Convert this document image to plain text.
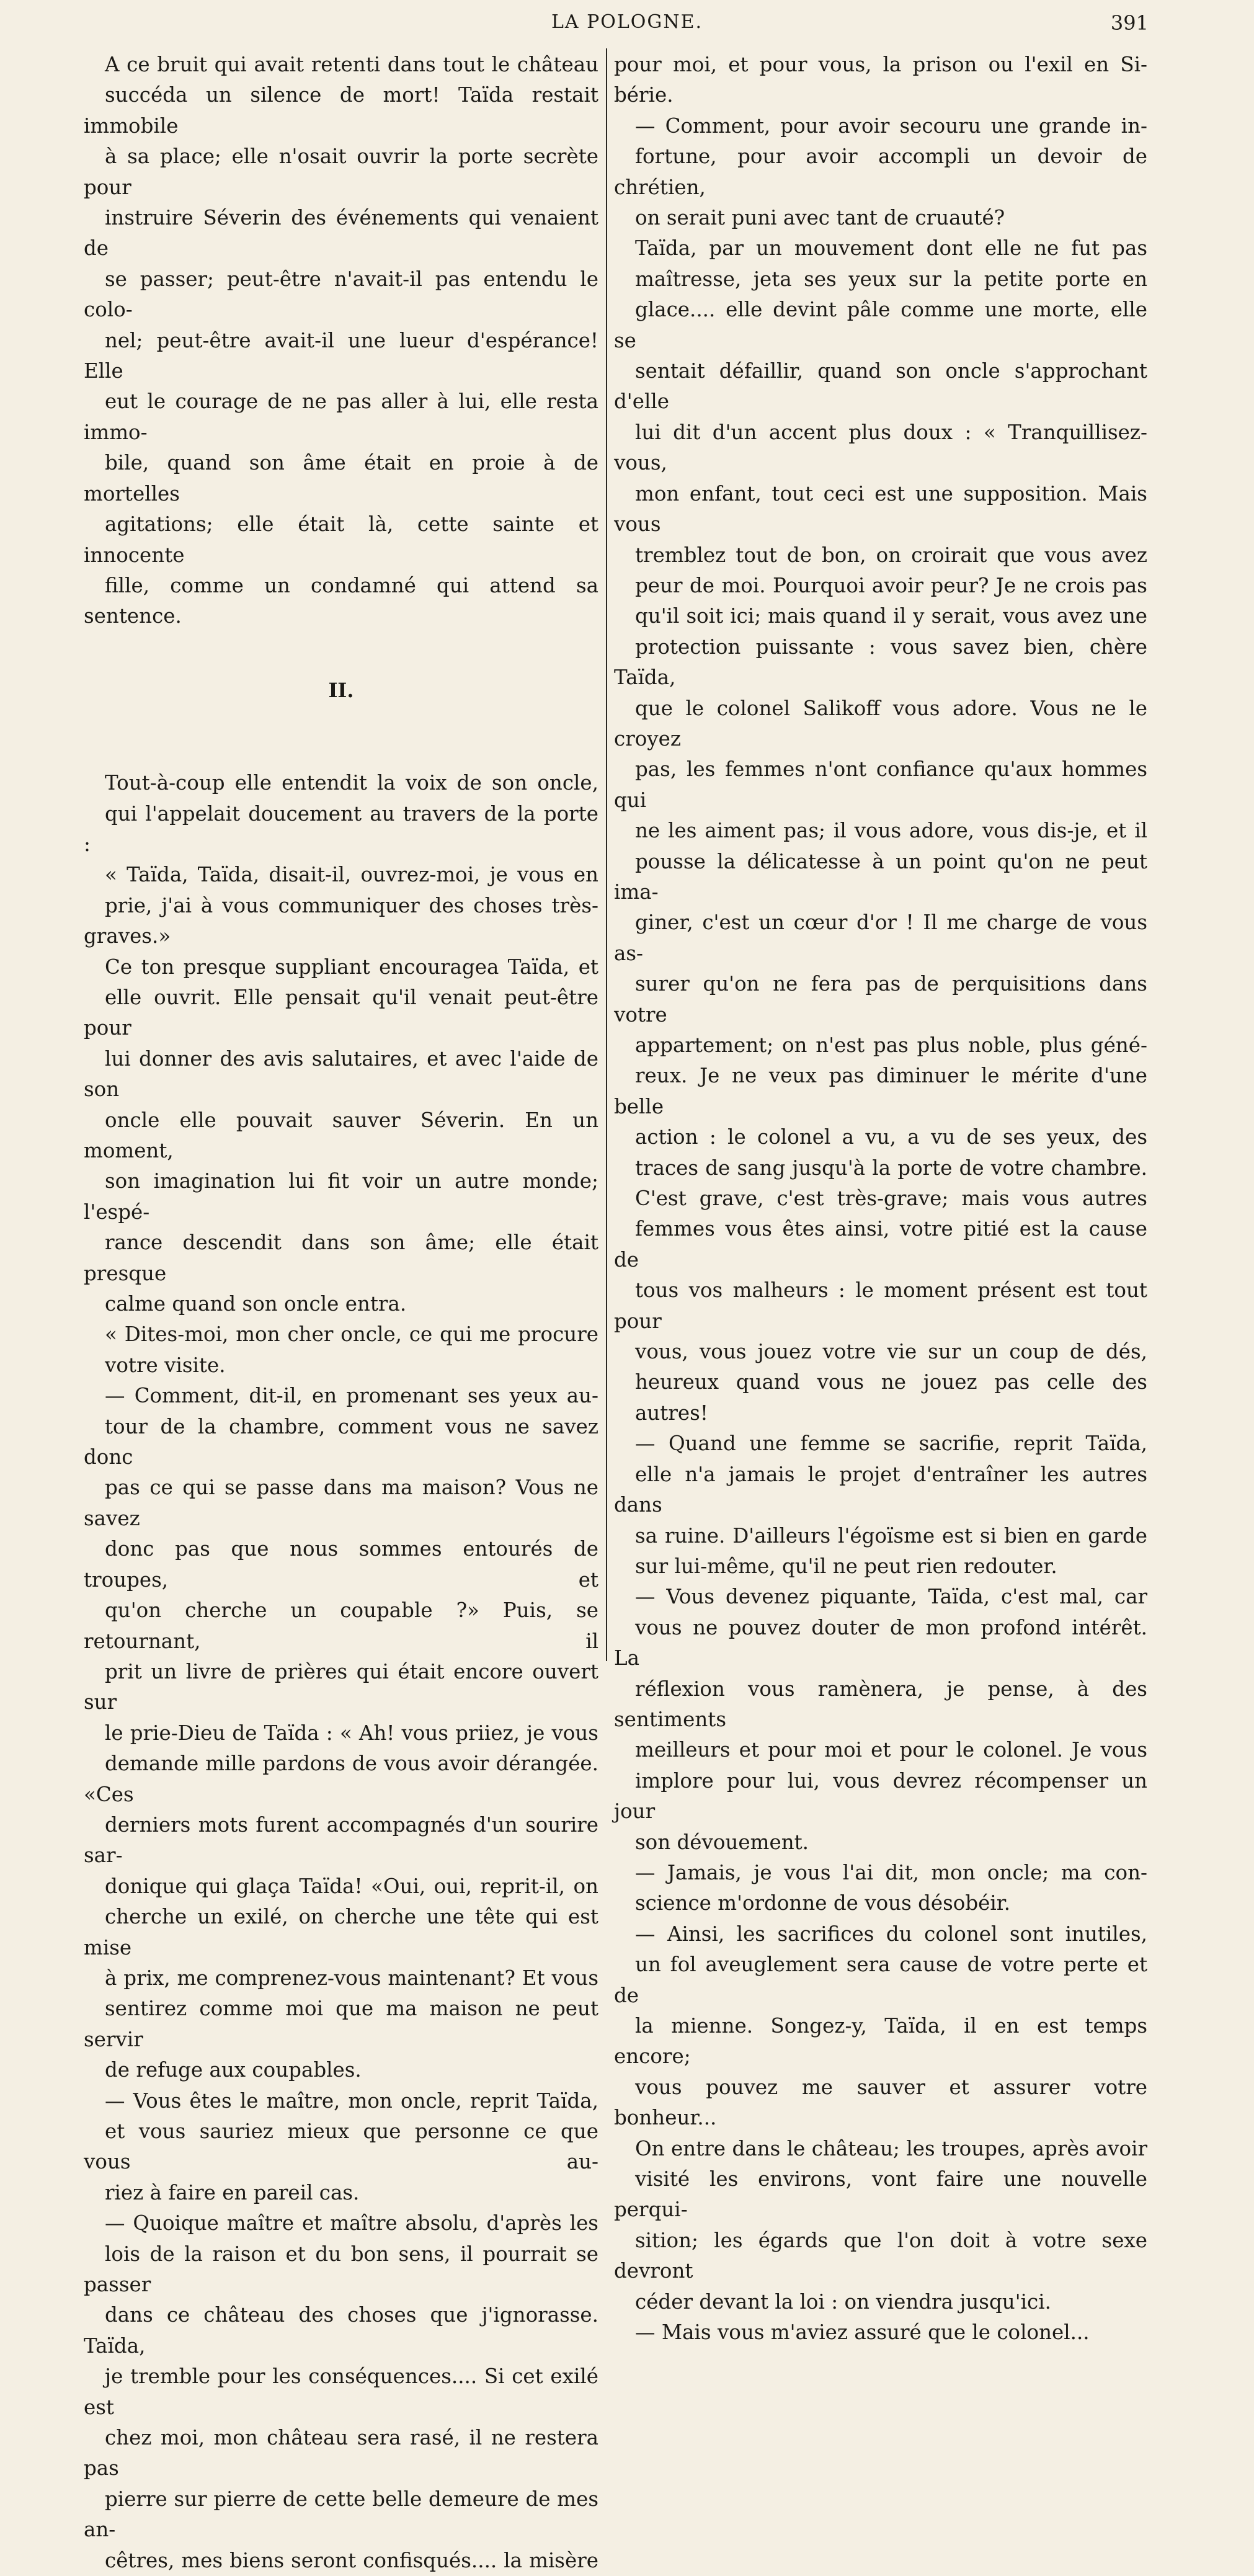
LA POLOGNE.	391

A ce bruit qui avait retenti dans tout le château
succéda un silence de mort! Taïda restait immobile
à sa place; elle n'osait ouvrir la porte secrète pour
instruire Séverin des événements qui venaient de
se passer; peut-être n'avait-il pas entendu le colo-
nel; peut-être avait-il une lueur d'espérance! Elle
eut le courage de ne pas aller à lui, elle resta immo-
bile, quand son âme était en proie à de mortelles
agitations; elle était là, cette sainte et innocente
fille, comme un condamné qui attend sa sentence.

II.

Tout-à-coup elle entendit la voix de son oncle,
qui l'appelait doucement au travers de la porte :

« Taïda, Taïda, disait-il, ouvrez-moi, je vous en
prie, j'ai à vous communiquer des choses très-graves.»
Ce ton presque suppliant encouragea Taïda, et
elle ouvrit. Elle pensait qu'il venait peut-être pour
lui donner des avis salutaires, et avec l'aide de son
oncle elle pouvait sauver Séverin. En un moment,
son imagination lui fit voir un autre monde; l'espé-
rance descendit dans son âme; elle était presque
calme quand son oncle entra.

« Dites-moi, mon cher oncle, ce qui me procure
votre visite.

— Comment, dit-il, en promenant ses yeux au-
tour de la chambre, comment vous ne savez donc
pas ce qui se passe dans ma maison? Vous ne savez
donc pas que nous sommes entourés de troupes, et
qu'on cherche un coupable ?» Puis, se retournant, il
prit un livre de prières qui était encore ouvert sur
le prie-Dieu de Taïda : « Ah! vous priiez, je vous
demande mille pardons de vous avoir dérangée. «Ces
derniers mots furent accompagnés d'un sourire sar-
donique qui glaça Taïda! «Oui, oui, reprit-il, on
cherche un exilé, on cherche une tête qui est mise
à prix, me comprenez-vous maintenant? Et vous
sentirez comme moi que ma maison ne peut servir
de refuge aux coupables.

— Vous êtes le maître, mon oncle, reprit Taïda,
et vous sauriez mieux que personne ce que vous au-
riez à faire en pareil cas.

— Quoique maître et maître absolu, d'après les
lois de la raison et du bon sens, il pourrait se passer
dans ce château des choses que j'ignorasse. Taïda,
je tremble pour les conséquences.... Si cet exilé est
chez moi, mon château sera rasé, il ne restera pas
pierre sur pierre de cette belle demeure de mes an-
cêtres, mes biens seront confisqués.... la misère

pour moi, et pour vous, la prison ou l'exil en Si-
bérie.

— Comment, pour avoir secouru une grande in-
fortune, pour avoir accompli un devoir de chrétien,
on serait puni avec tant de cruauté?

Taïda, par un mouvement dont elle ne fut pas
maîtresse, jeta ses yeux sur la petite porte en
glace.... elle devint pâle comme une morte, elle se
sentait défaillir, quand son oncle s'approchant d'elle
lui dit d'un accent plus doux : « Tranquillisez-vous,
mon enfant, tout ceci est une supposition. Mais vous
tremblez tout de bon, on croirait que vous avez
peur de moi. Pourquoi avoir peur? Je ne crois pas
qu'il soit ici; mais quand il y serait, vous avez une
protection puissante : vous savez bien, chère Taïda,
que le colonel Salikoff vous adore. Vous ne le croyez
pas, les femmes n'ont confiance qu'aux hommes qui
ne les aiment pas; il vous adore, vous dis-je, et il
pousse la délicatesse à un point qu'on ne peut ima-
giner, c'est un cœur d'or ! Il me charge de vous as-
surer qu'on ne fera pas de perquisitions dans votre
appartement; on n'est pas plus noble, plus géné-
reux. Je ne veux pas diminuer le mérite d'une belle
action : le colonel a vu, a vu de ses yeux, des
traces de sang jusqu'à la porte de votre chambre.
C'est grave, c'est très-grave; mais vous autres
femmes vous êtes ainsi, votre pitié est la cause de
tous vos malheurs : le moment présent est tout pour
vous, vous jouez votre vie sur un coup de dés,
heureux quand vous ne jouez pas celle des
autres!

— Quand une femme se sacrifie, reprit Taïda,
elle n'a jamais le projet d'entraîner les autres dans
sa ruine. D'ailleurs l'égoïsme est si bien en garde
sur lui-même, qu'il ne peut rien redouter.

— Vous devenez piquante, Taïda, c'est mal, car
vous ne pouvez douter de mon profond intérêt. La
réflexion vous ramènera, je pense, à des sentiments
meilleurs et pour moi et pour le colonel. Je vous
implore pour lui, vous devrez récompenser un jour
son dévouement.

— Jamais, je vous l'ai dit, mon oncle; ma con-
science m'ordonne de vous désobéir.

— Ainsi, les sacrifices du colonel sont inutiles,
un fol aveuglement sera cause de votre perte et de
la mienne. Songez-y, Taïda, il en est temps encore;
vous pouvez me sauver et assurer votre bonheur...
On entre dans le château; les troupes, après avoir
visité les environs, vont faire une nouvelle perqui-
sition; les égards que l'on doit à votre sexe devront
céder devant la loi : on viendra jusqu'ici.

— Mais vous m'aviez assuré que le colonel...
